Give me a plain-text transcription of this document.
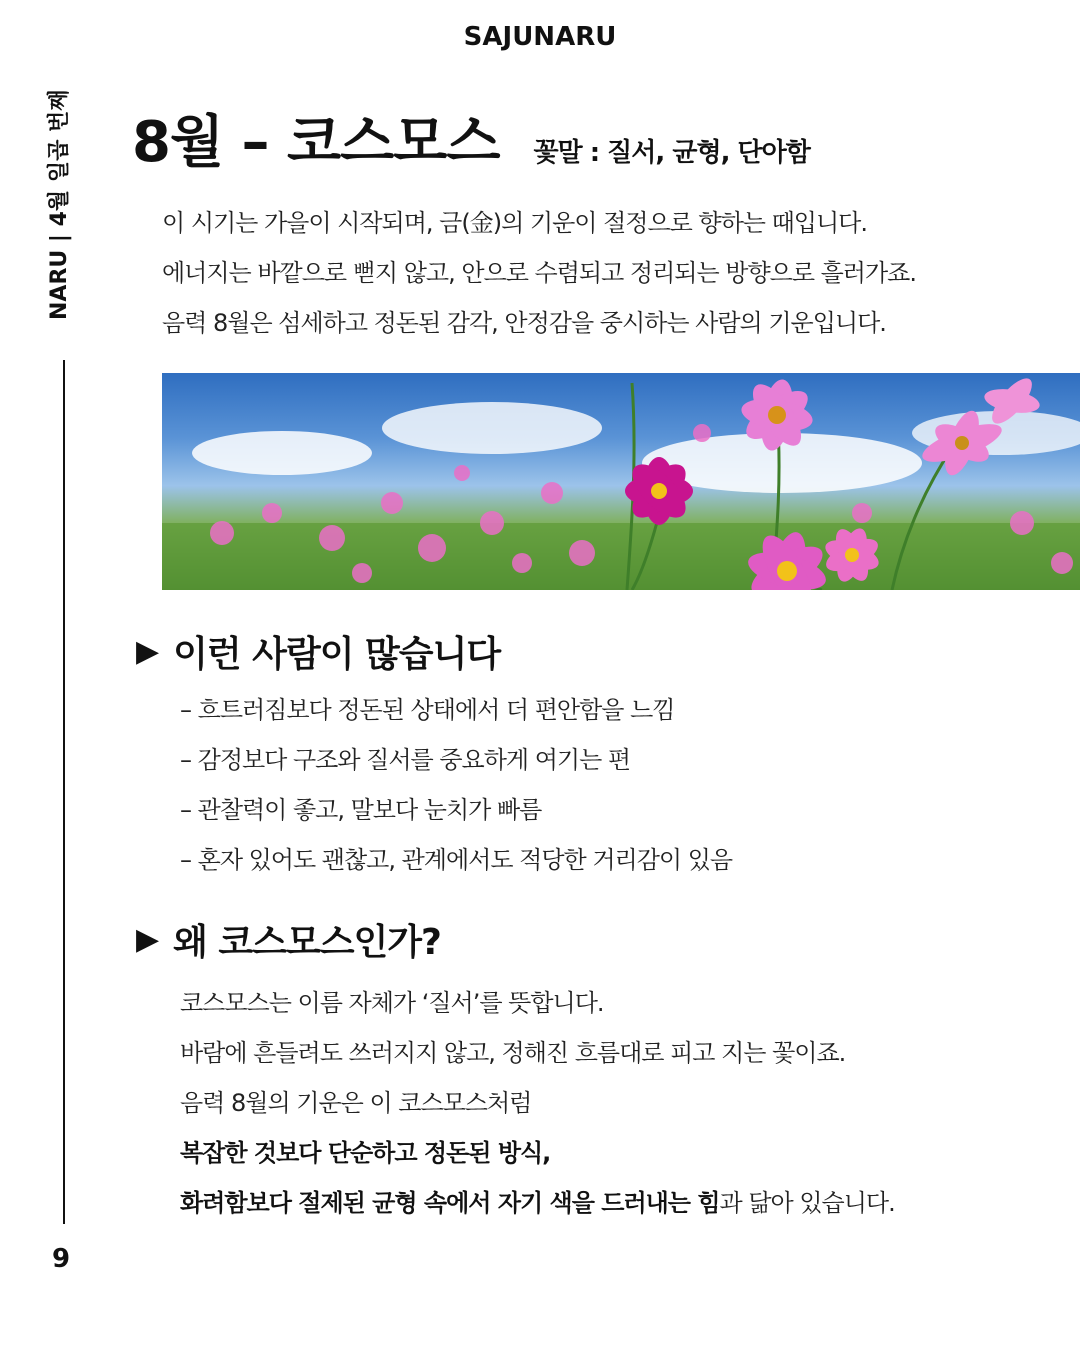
SAJUNARU
NARU | 4월 일곱 번째
9
8월 – 코스모스 꽃말 : 질서, 균형, 단아함

이 시기는 가을이 시작되며, 금(金)의 기운이 절정으로 향하는 때입니다.

에너지는 바깥으로 뻗지 않고, 안으로 수렴되고 정리되는 방향으로 흘러가죠.

음력 8월은 섬세하고 정돈된 감각, 안정감을 중시하는 사람의 기운입니다.

▶ 이런 사람이 많습니다
– 흐트러짐보다 정돈된 상태에서 더 편안함을 느낌
– 감정보다 구조와 질서를 중요하게 여기는 편
– 관찰력이 좋고, 말보다 눈치가 빠름
– 혼자 있어도 괜찮고, 관계에서도 적당한 거리감이 있음
▶ 왜 코스모스인가?

코스모스는 이름 자체가 ‘질서’를 뜻합니다.

바람에 흔들려도 쓰러지지 않고, 정해진 흐름대로 피고 지는 꽃이죠.

음력 8월의 기운은 이 코스모스처럼

복잡한 것보다 단순하고 정돈된 방식,

화려함보다 절제된 균형 속에서 자기 색을 드러내는 힘과 닮아 있습니다.
